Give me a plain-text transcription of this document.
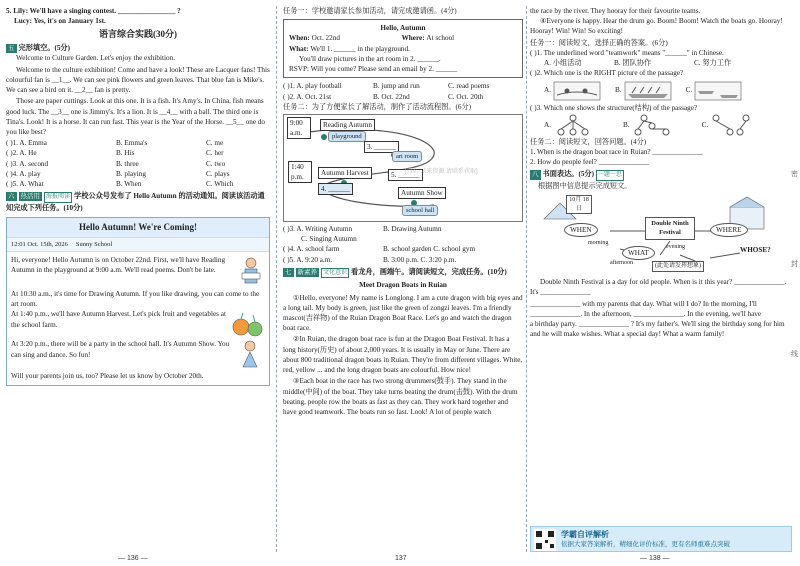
5. Lily: We'll have a singing contest. ________________ ?
Lucy: Yes, it's on January 1st.
语言综合实践(30分)
五 完形填空。(5分)
Welcome to Culture Garden. Let's enjoy the exhibition.
Welcome to the culture exhibition! Come and have a look! These are Lacquer fans! This colourful fan is __1__. We can see pink flowers and green leaves. That blue fan is Mike's. We can see a bird on it. __2__ fan is pretty.
Those are paper cuttings. Look at this one. It is a fish. It's Amy's. In China, fish means good luck. The __3__ one is Jimmy's. It's a lion. It is __4__ with a ball. The third one is Tina's. Look! It is a horse. It can run fast. This year is the Year of the Horse. __5__ one do you like best?
( )1. A. Emma	B. Emma's	C. me
( )2. A. He	B. His	C. her
( )3. A. second	B. three	C. two
( )4. A. play	B. playing	C. plays
( )5. A. What	B. When	C. Which
六 热活用 海报阅读 学校公众号发布了 Hello Autumn 的活动通知。阅读该活动通知完成下列任务。(10分)
Hello Autumn! We're Coming!
12:01 Oct. 15th, 2026 Sunny School
Hi, everyone! Hello Autumn is on October 22nd. First, we'll have Reading Autumn in the playground at 9:00 a.m. We'll read poems. Don't be late.
At 10:30 a.m., it's time for Drawing Autumn. If you like drawing, you can come to the art room.
At 1:40 p.m., we'll have Autumn Harvest. Let's pick fruit and vegetables at the school farm.
At 3:20 p.m., there will be a party in the school hall. It's Autumn Show. You can sing and dance. So fun!
Will your parents join us, too? Please let us know by October 20th.
— 136 —
任务一：学校邀请家长参加活动，请完成邀请函。(4分)
Hello, Autumn
When:
Oct. 22nd	Where:
At school
What:
We'll 1. ______ in the playground.
You'll draw pictures in the art room in 2. ______.
RSVP: Will you come? Please send an email by 2. ______
( )1. A. play football	B. jump and run	C. read poems
( )2. A. Oct. 21st	B. Oct. 22nd	C. Oct. 20th
任务二：为了方便家长了解活动，制作了活动流程图。(6分)
9:00 a.m.
Reading Autumn
playground
3. ______
art room
1:40 p.m.
Autumn Harvest	5. ______
4. ______	Autumn Show
school hall
( )3. A. Writing Autumn	B. Drawing Autumn
C. Singing Autumn
( )4. A. school farm	B. school garden C. school gym
( )5. A. 9:20 a.m.	B. 3:00 p.m. C. 3:20 p.m.
七 新素养 文化意识 看龙舟，画端午。请阅读短文，完成任务。(10分)
Meet Dragon Boats in Ruian
①Hello, everyone! My name is Longlong. I am a cute dragon with big eyes and a long tail. My body is green, just like the green of zongzi leaves. I'm a friendly mascot(吉祥物) of the Ruian Dragon Boat Race. Let's go and watch the dragon boat race.
②In Ruian, the dragon boat race is fun at the Dragon Boat Festival. It has a long history(历史) of about 2,000 years. It is usually in May or June. There are about 800 traditional dragon boats in Ruian. They're from different villages. White, red, yellow ... and the long dragon boats are colourful. How nice!
③Each boat in the race has two strong drummers(鼓手). They stand in the middle(中间) of the boat. They take turns beating the drum(击鼓). With the drum beating, people row the boats as fast as they can. They work hard together and have good teamwork. The boats run so fast. Look! A lot of people watch
[百么 录来资源 请联系获取]
137
the race by the river. They hooray for their favourite teams.
④Everyone is happy. Hear the drum go. Boom! Boom! Watch the boats go. Hooray! Hooray! Win! Win! So exciting!
任务一：阅读短文，选择正确的答案。(6分)
( )1. The underlined word "teamwork" means "______" in Chinese.
A. 小组活动	B. 团队协作	C. 努力工作
( )2. Which one is the RIGHT picture of the passage?
A.	B.	C.
( )3. Which one shows the structure(结构) of the passage?
A.	B.	C.
任务二：阅读短文，回答问题。(4分)
1. When is the dragon boat race in Ruian? ______________
2. How do people feel? ______________
八 书面表达。(5分) 一题一思
根据图中信息提示完成短文。
10月 18日
WHEN
Double Ninth Festival	WHERE
morning
WHAT
evening	WHOSE?
afternoon	(此处请发挥想象)
Double Ninth Festival is a day for old people. When is it this year? ______________. It's ______________
______________ with my parents that day. What will I do? In the morning, I'll ______________. In the afternoon, ______________. In the evening, we'll have
a birthday party. ______________ ? It's my father's. We'll sing the birthday song for him and he will make wishes. What a special day! What a warm family!
学霸自评解析
依据大家答案解析，精细化评价标准，更有名师重难点突破
密
封
线
— 138 —
